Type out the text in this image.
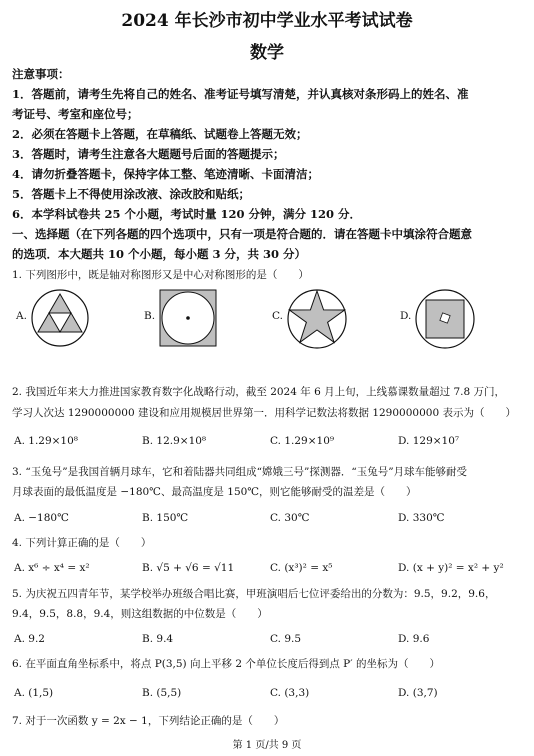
2024 年长沙市初中学业水平考试试卷
数学
注意事项：
1．答题前，请考生先将自己的姓名、准考证号填写清楚，并认真核对条形码上的姓名、准
考证号、考室和座位号；
2．必须在答题卡上答题，在草稿纸、试题卷上答题无效；
3．答题时，请考生注意各大题题号后面的答题提示；
4．请勿折叠答题卡，保持字体工整、笔迹清晰、卡面清洁；
5．答题卡上不得使用涂改液、涂改胶和贴纸；
6．本学科试卷共 25 个小题，考试时量 120 分钟，满分 120 分．
一、选择题（在下列各题的四个选项中，只有一项是符合题的．请在答题卡中填涂符合题意
的选项．本大题共 10 个小题，每小题 3 分，共 30 分）
1. 下列图形中，既是轴对称图形又是中心对称图形的是（　　）
A.	B.	C.	D.
2. 我国近年来大力推进国家教育数字化战略行动，截至 2024 年 6 月上旬，上线慕课数量超过 7.8 万门，
学习人次达 1290000000 建设和应用规模居世界第一．用科学记数法将数据 1290000000 表示为（　　）
A. 1.29×10⁸	B. 12.9×10⁸	C. 1.29×10⁹	D. 129×10⁷
3. “玉兔号”是我国首辆月球车，它和着陆器共同组成“嫦娥三号”探测器．“玉兔号”月球车能够耐受
月球表面的最低温度是 −180℃、最高温度是 150℃，则它能够耐受的温差是（　　）
A. −180℃	B. 150℃	C. 30℃	D. 330℃
4. 下列计算正确的是（　　）
A. x⁶ ÷ x⁴ = x²	B. √5 + √6 = √11	C. (x³)² = x⁵	D. (x + y)² = x² + y²
5. 为庆祝五四青年节，某学校举办班级合唱比赛，甲班演唱后七位评委给出的分数为：9.5，9.2，9.6，
9.4，9.5，8.8，9.4，则这组数据的中位数是（　　）
A. 9.2	B. 9.4	C. 9.5	D. 9.6
6. 在平面直角坐标系中，将点 P(3,5) 向上平移 2 个单位长度后得到点 P′ 的坐标为（　　）
A. (1,5)	B. (5,5)	C. (3,3)	D. (3,7)
7. 对于一次函数 y = 2x − 1，下列结论正确的是（　　）
第 1 页/共 9 页
